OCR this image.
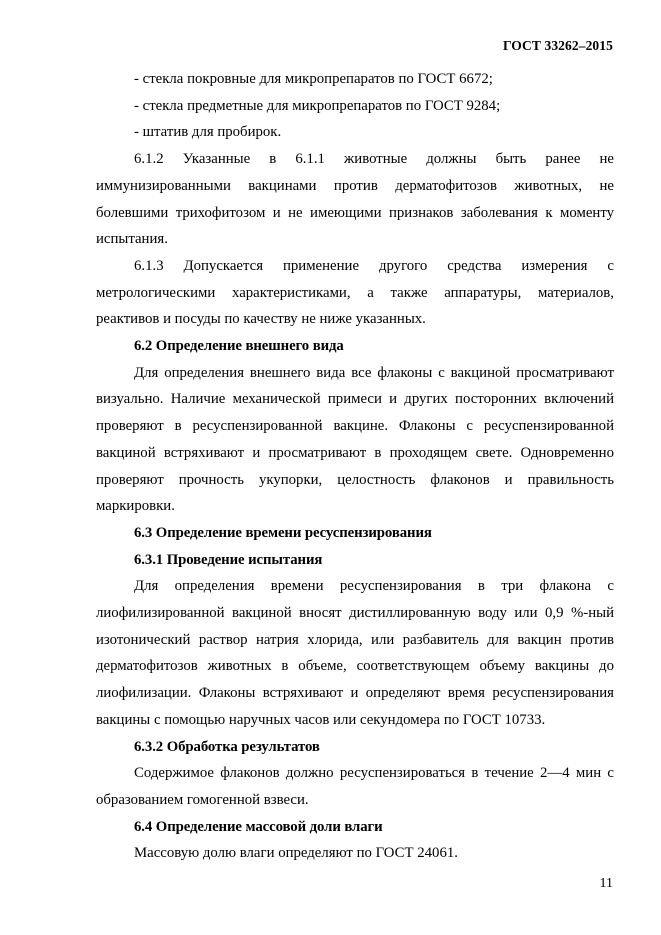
ГОСТ 33262–2015

- стекла покровные для микропрепаратов по ГОСТ 6672;

- стекла предметные для микропрепаратов по ГОСТ 9284;

- штатив для пробирок.

6.1.2 Указанные в 6.1.1 животные должны быть ранее не иммунизированными вакцинами против дерматофитозов животных, не болевшими трихофитозом и не имеющими признаков заболевания к моменту испытания.

6.1.3 Допускается применение другого средства измерения с метрологическими характеристиками, а также аппаратуры, материалов, реактивов и посуды по качеству не ниже указанных.

6.2 Определение внешнего вида

Для определения внешнего вида все флаконы с вакциной просматривают визуально. Наличие механической примеси и других посторонних включений проверяют в ресуспензированной вакцине. Флаконы с ресуспензированной вакциной встряхивают и просматривают в проходящем свете. Одновременно проверяют прочность укупорки, целостность флаконов и правильность маркировки.

6.3 Определение времени ресуспензирования

6.3.1 Проведение испытания

Для определения времени ресуспензирования в три флакона с лиофилизированной вакциной вносят дистиллированную воду или 0,9 %-ный изотонический раствор натрия хлорида, или разбавитель для вакцин против дерматофитозов животных в объеме, соответствующем объему вакцины до лиофилизации. Флаконы встряхивают и определяют время ресуспензирования вакцины с помощью наручных часов или секундомера по ГОСТ 10733.

6.3.2 Обработка результатов

Содержимое флаконов должно ресуспензироваться в течение 2—4 мин с образованием гомогенной взвеси.

6.4 Определение массовой доли влаги

Массовую долю влаги определяют по ГОСТ 24061.

11
